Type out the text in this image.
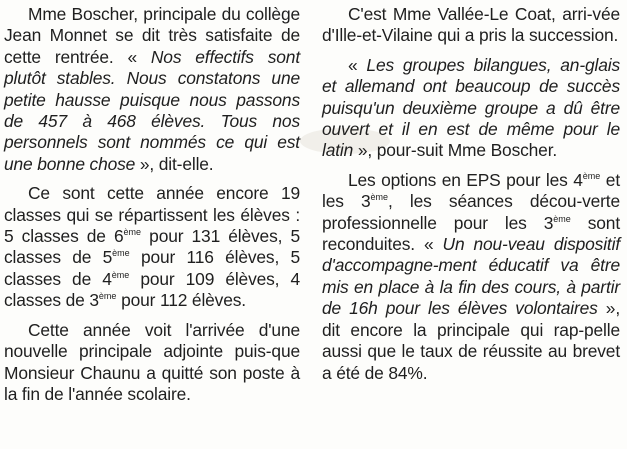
Mme Boscher, principale du collège Jean Monnet se dit très satisfaite de cette rentrée. « Nos effectifs sont plutôt stables. Nous constatons une petite hausse puisque nous passons de 457 à 468 élèves. Tous nos personnels sont nommés ce qui est une bonne chose », dit-elle.

Ce sont cette année encore 19 classes qui se répartissent les élèves : 5 classes de 6ème pour 131 élèves, 5 classes de 5ème pour 116 élèves, 5 classes de 4ème pour 109 élèves, 4 classes de 3ème pour 112 élèves.

Cette année voit l'arrivée d'une nouvelle principale adjointe puis-que Monsieur Chaunu a quitté son poste à la fin de l'année scolaire.

C'est Mme Vallée-Le Coat, arri-vée d'Ille-et-Vilaine qui a pris la succession.

« Les groupes bilangues, an-glais et allemand ont beaucoup de succès puisqu'un deuxième groupe a dû être ouvert et il en est de même pour le latin », pour-suit Mme Boscher.

Les options en EPS pour les 4ème et les 3ème, les séances décou-verte professionnelle pour les 3ème sont reconduites. « Un nou-veau dispositif d'accompagne-ment éducatif va être mis en place à la fin des cours, à partir de 16h pour les élèves volontaires », dit encore la principale qui rap-pelle aussi que le taux de réussite au brevet a été de 84%.
